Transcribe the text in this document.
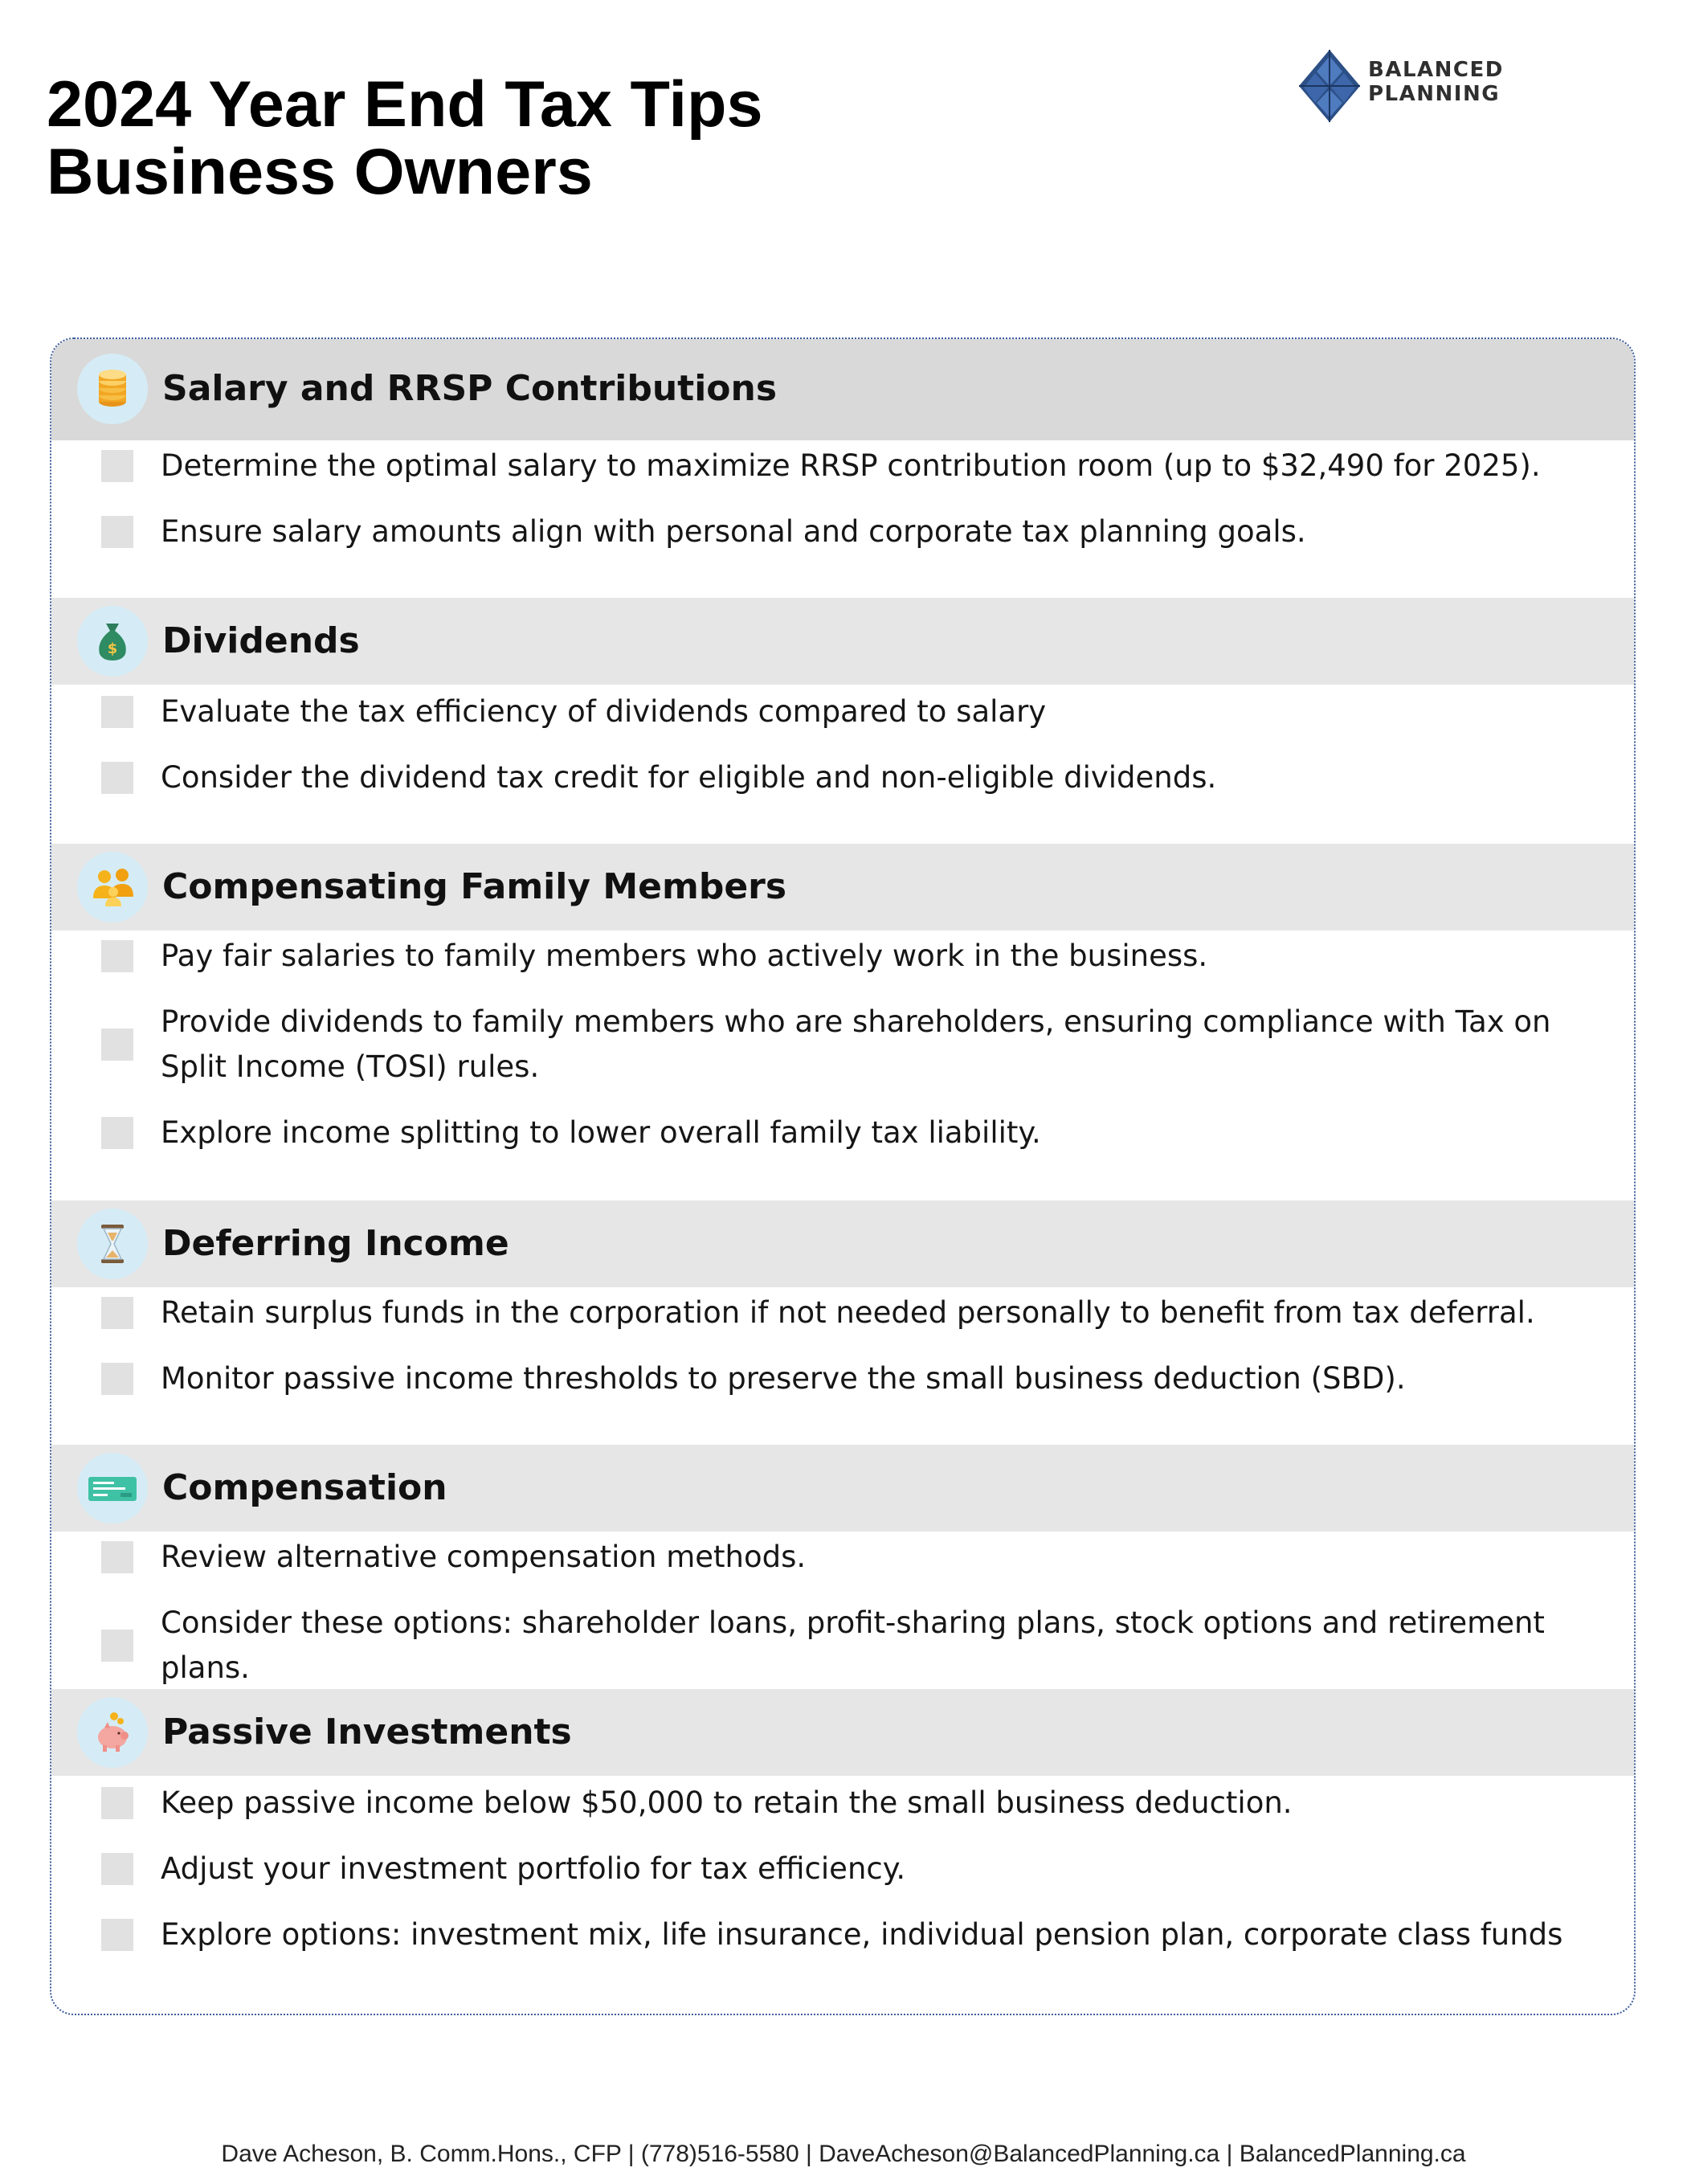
2024 Year End Tax Tips
Business Owners
BALANCED
PLANNING
Salary and RRSP Contributions
Determine the optimal salary to maximize RRSP contribution room (up to $32,490 for 2025).
Ensure salary amounts align with personal and corporate tax planning goals.
$ Dividends
Evaluate the tax efficiency of dividends compared to salary
Consider the dividend tax credit for eligible and non-eligible dividends.
Compensating Family Members
Pay fair salaries to family members who actively work in the business.
Provide dividends to family members who are shareholders, ensuring compliance with Tax on Split Income (TOSI) rules.
Explore income splitting to lower overall family tax liability.
Deferring Income
Retain surplus funds in the corporation if not needed personally to benefit from tax deferral.
Monitor passive income thresholds to preserve the small business deduction (SBD).
Compensation
Review alternative compensation methods.
Consider these options: shareholder loans, profit-sharing plans, stock options and retirement plans.
Passive Investments
Keep passive income below $50,000 to retain the small business deduction.
Adjust your investment portfolio for tax efficiency.
Explore options: investment mix, life insurance, individual pension plan, corporate class funds
Dave Acheson, B. Comm.Hons., CFP | (778)516-5580 | DaveAcheson@BalancedPlanning.ca | BalancedPlanning.ca
